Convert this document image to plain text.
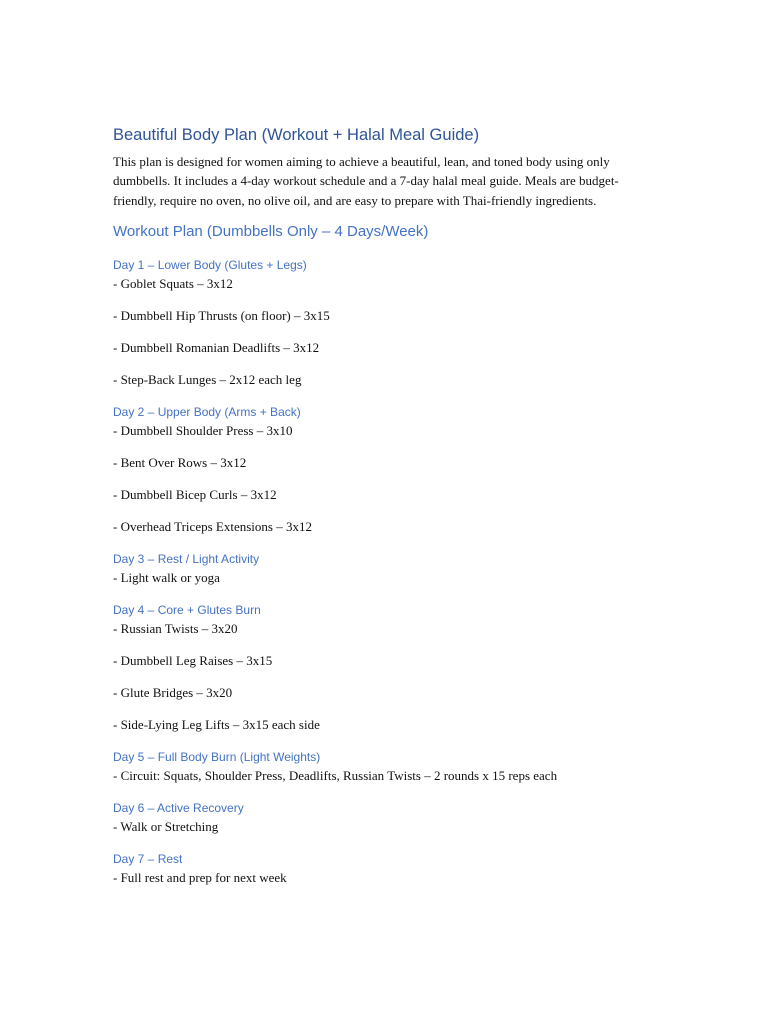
Beautiful Body Plan (Workout + Halal Meal Guide)

This plan is designed for women aiming to achieve a beautiful, lean, and toned body using only dumbbells. It includes a 4-day workout schedule and a 7-day halal meal guide. Meals are budget-friendly, require no oven, no olive oil, and are easy to prepare with Thai-friendly ingredients.

Workout Plan (Dumbbells Only – 4 Days/Week)
Day 1 – Lower Body (Glutes + Legs)
- Goblet Squats – 3x12
- Dumbbell Hip Thrusts (on floor) – 3x15
- Dumbbell Romanian Deadlifts – 3x12
- Step-Back Lunges – 2x12 each leg
Day 2 – Upper Body (Arms + Back)
- Dumbbell Shoulder Press – 3x10
- Bent Over Rows – 3x12
- Dumbbell Bicep Curls – 3x12
- Overhead Triceps Extensions – 3x12
Day 3 – Rest / Light Activity
- Light walk or yoga
Day 4 – Core + Glutes Burn
- Russian Twists – 3x20
- Dumbbell Leg Raises – 3x15
- Glute Bridges – 3x20
- Side-Lying Leg Lifts – 3x15 each side
Day 5 – Full Body Burn (Light Weights)
- Circuit: Squats, Shoulder Press, Deadlifts, Russian Twists – 2 rounds x 15 reps each
Day 6 – Active Recovery
- Walk or Stretching
Day 7 – Rest
- Full rest and prep for next week
